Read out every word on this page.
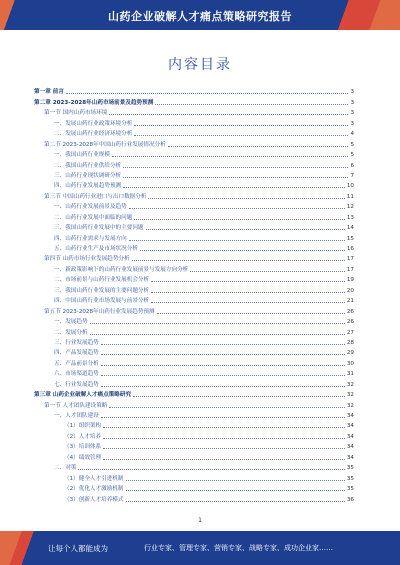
山药企业破解人才痛点策略研究报告
内容目录
第一章 前言	3
第二章 2023-2028年山药市场前景及趋势预测	3
第一节 国内山药市场环境	3
一、发展山药行业政策环境分析	3
二、发展山药行业经济环境分析	4
第二节 2023-2028年中国山药行业发展情况分析	5
一、我国山药行业规模	5
二、我国山药行业供给分析	6
三、山药行业现状调研分析	7
四、山药行业发展趋势预测	10
第三节 中国山药行业进口与出口数据分析	11
一、山药行业发展前景及趋势	12
二、山药行业发展中面临的问题	13
三、我国山药行业发展中的主要问题	14
四、山药行业需求与发展方向	15
五、山药行业生产及市场状况分析	16
第四节 山药市场行业发展趋势分析	17
一、新政策影响下的山药行业发展前景与发展方向分析	17
二、市场前景与山药行业发展机会分析	19
三、我国山药行业发展的主要问题分析	20
四、中国山药行业市场发展与前景分析	21
第五节 2023-2028年山药行业发展趋势预测	26
一、发展趋势	26
二、发展分析	27
三、行业发展趋势	28
四、产品发展趋势	29
五、产品前景分析	30
六、市场渠道趋势	31
七、行业发展趋势	32
第三章 山药企业破解人才痛点策略研究	32
第一节 人才团队建设策略	32
一、人才团队建设	34
（1）组织架构	34
（2）人才培养	34
（3）培训体系	34
（4）绩效管理	34
二、对策	35
（1）健全人才引进机制	35
（2）优化人才激励机制	35
（3）创新人才培养模式	36
1
让每个人都能成为	行业专家、管理专家、营销专家、战略专家、成功企业家……
